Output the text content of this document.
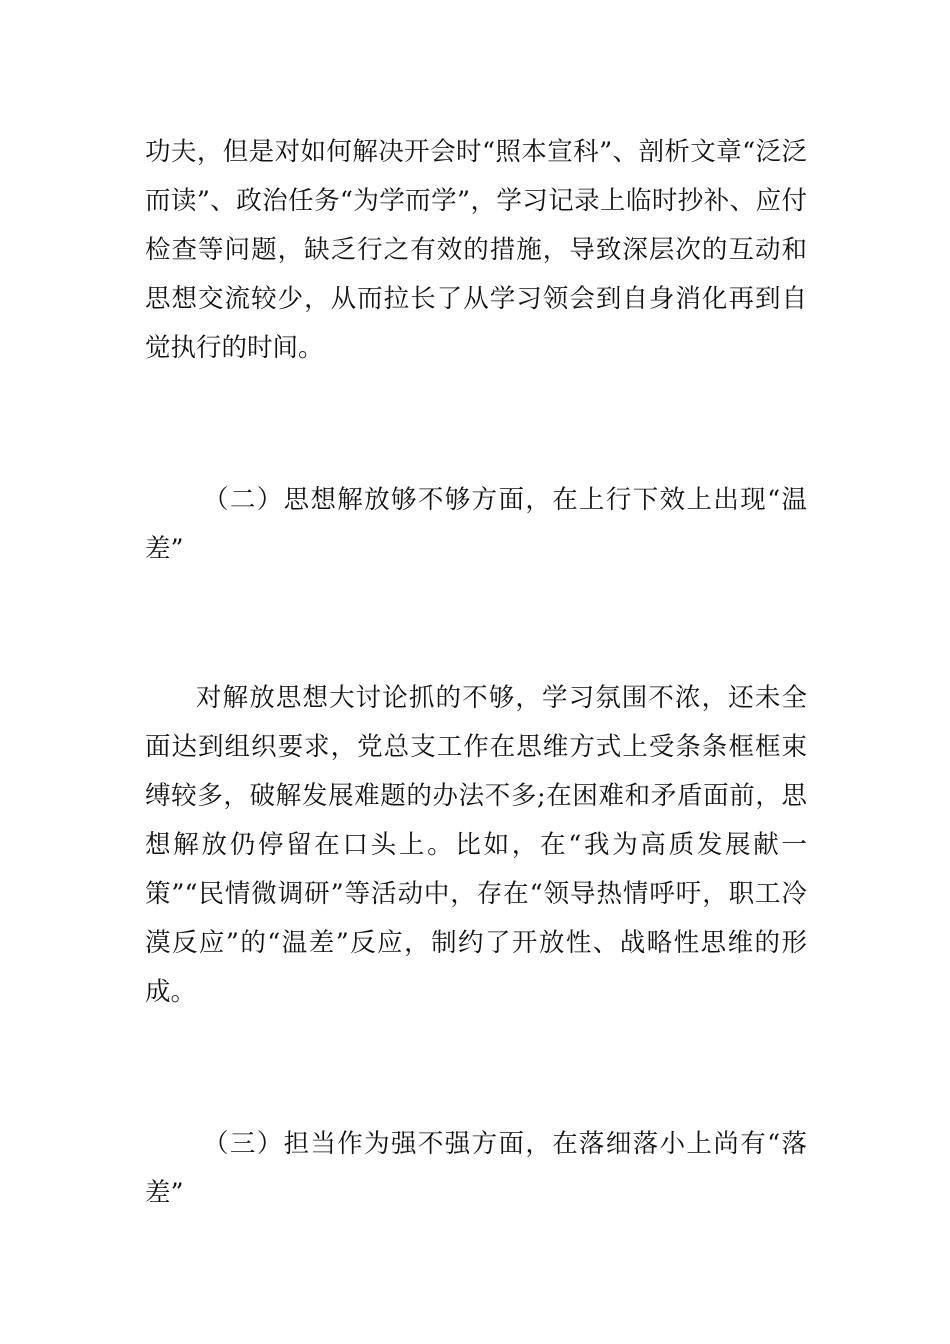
功夫，但是对如何解决开会时“照本宣科”、剖析文章“泛泛而读”、政治任务“为学而学”，学习记录上临时抄补、应付检查等问题，缺乏行之有效的措施，导致深层次的互动和思想交流较少，从而拉长了从学习领会到自身消化再到自觉执行的时间。

（二）思想解放够不够方面，在上行下效上出现“温差”

对解放思想大讨论抓的不够，学习氛围不浓，还未全面达到组织要求，党总支工作在思维方式上受条条框框束缚较多，破解发展难题的办法不多;在困难和矛盾面前，思想解放仍停留在口头上。比如，在“我为高质发展献一策”“民情微调研”等活动中，存在“领导热情呼吁，职工冷漠反应”的“温差”反应，制约了开放性、战略性思维的形成。

（三）担当作为强不强方面，在落细落小上尚有“落差”
